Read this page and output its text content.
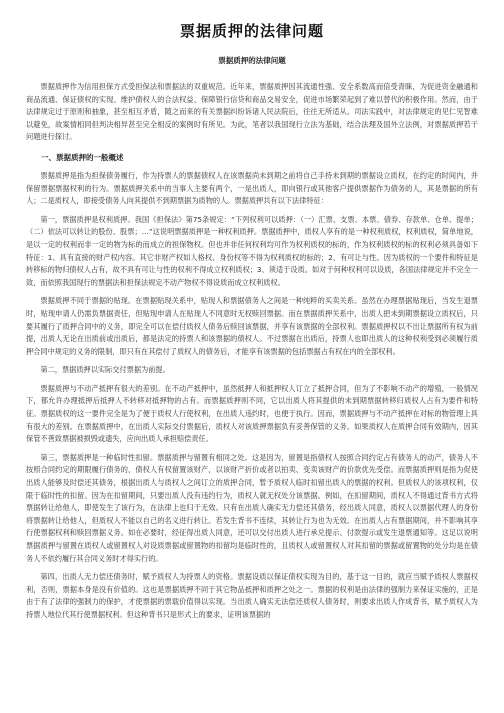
票据质押的法律问题
票据质押的法律问题

票据质押作为信用担保方式受担保法和票据法的双重规范。近年来，票据质押因其流通性强、安全系数高而倍受青睐，为促进资金融通和商品流通、保证债权的实现、维护债权人的合法权益、保障银行信贷和商品交易安全，促进市场繁荣起到了难以替代的积极作用。然而，由于法律规定过于原则和抽象，甚至相互矛盾，随之而来的有关票据纠纷诉诸人民法院后，往往无所适从。司法实践中，对法律规定的见仁见智难以避免，故案情相同但判决相异甚至完全相反的案例时有所见。为此，笔者以我国现行立法为基础，结合法理及国外立法例，对票据质押若干问题进行探讨。

一、票据质押的一般概述

票据质押是指为担保债务履行，作为持票人的票据债权人在该票据尚未到期之前将自己手持未到期的票据设立质权，在约定的时间内，并保留票据票据权利的行为。票据质押关系中的当事人主要有两个，一是出质人，即向银行或其他客户提供票据作为债务的人，其是票据的所有人；二是质权人，即接受债务人向其提供不到期票据为质物的人。票据质押共有以下法律特征：

第一，票据质押是权利质押。我国《担保法》第75条规定：“下列权利可以质押：（一）汇票、支票、本票、债券、存款单、仓单、提单；（二）依法可以转让的股份、股票；…”这说明票据质押是一种权利质押。票据质押中，质权人享有的是一种权利质权，权利质权，简单地说，是以一定的权利而非一定的物为标的而成立的担保物权。但也并非任何权利均可作为权利质权的标的，作为权利质权的标的权利必须具备如下特征：1、具有直接的财产权内容。其它非财产权如人格权、身份权等不得为权利质权的标的；2、有可让与性。因为质权的一个要件和特征是转移标的物归债权人占有，故不具有可让与性的权利不得成立权利质权；3、须适于设质。如对于何种权利可以设质，各国法律规定并不完全一致，而依照我国现行的票据法和担保法规定不动产物权不得设质而成立权利质权。

票据质押不同于票据的贴现。在票据贴现关系中，贴现人和票据债务人之间是一种纯粹的买卖关系。虽然在办理票据贴现后，当发生退票时，贴现申请人仍需负票据责任，但贴现申请人在贴现人不同意时无权赎回票据。而在票据质押关系中，出质人把未到期票据设立质权后，只要其履行了质押合同中的义务，即完全可以在偿付质权人债务后赎回该票据，并享有该票据的全部权利。票据质押权以不出让票据所有权为前提，出质人无论在出质前或出质后，都是法定的持票人和该票据的债权人。不过票据在出质后，持票人也即出质人的这种权利受到必须履行质押合同中规定的义务的限制，即只有在其偿付了质权人的债务后，才能享有该票据的包括票据占有权在内的全部权利。

第二，票据质押以实际交付票据为前提。

票据质押与不动产抵押有很大的差别。在不动产抵押中，虽然抵押人和抵押权人订立了抵押合同，但为了不影响不动产的增殖，一般情况下，都允许办理抵押后抵押人不转移对抵押物的占有。而票据质押则不同，它以出质人将其提供的未到期票据转移归质权人占有为要件和特征。票据质权的这一要件完全是为了便于质权人行使权利，在出质人违约时，也便于执行。因而，票据质押与不动产抵押在对标的物管理上具有很大的差别。在票据质押中，在出质人实际交付票据后，质权人对该质押票据负有妥善保管的义务。如果质权人在质押合同有效期内，因其保管不善致票据被损毁或遗失，应向出质人承担赔偿责任。

第三，票据质押是一种临时性扣留。票据质押与留置有相同之处。这是因为，留置是指债权人按照合同约定占有债务人的动产，债务人不按照合同约定的期限履行债务的，债权人有权留置该财产，以该财产折价或者以拍卖、变卖该财产的价款优先受偿。而票据质押则是指为促使出质人能够及时偿还其债务，根据出质人与质权人之间订立的质押合同，暂予质权人临时扣留出质人的票据的权利。但质权人的该项权利，仅限于临时性的扣留。因为在扣留期间，只要出质人没有违约行为，质权人就无权处分该票据。例如，在扣留期间，质权人不得通过背书方式将票据转让给他人，即使发生了该行为，在法律上也归于无效。只有在出质人确实无力偿还其债务，经出质人同意，质权人以票据代理人的身份将票据转让给他人，但质权人不能以自己的名义进行转让。若发生背书不连续，其转让行为也为无效。在出质人占有票据期间，并不影响其享行使票据权利和赎回票据义务。如在必要时，经征得出质人同意，还可以交付出质人进行承兑提示、付款提示或发生退票通知等。这足以说明票据质押与留置在质权人或留置权人对设质票据或留置物的扣留均是临时性的，且质权人或留置权人对其扣留的票据或留置物的处分均是在债务人不依约履行其合同义务时才得实行的。

第四，出质人无力偿还债务时，赋予质权人为持票人的资格。票据设质以保证债权实现为目的，基于这一目的，就应当赋予质权人票据权利，否则，票据本身是没有价值的。这也是票据质押不同于其它物品抵押和质押之处之一。票据的权利是由法律的强制力来保证实施的，正是由于有了法律的强制力的保护，才使票据的票载价值得以实现。当出质人确实无法偿还质权人债务时，则要求出质人作成背书，赋予质权人为持票人地位代其行使票据权利。但这种背书只是形式上的要求，证明该票据的
